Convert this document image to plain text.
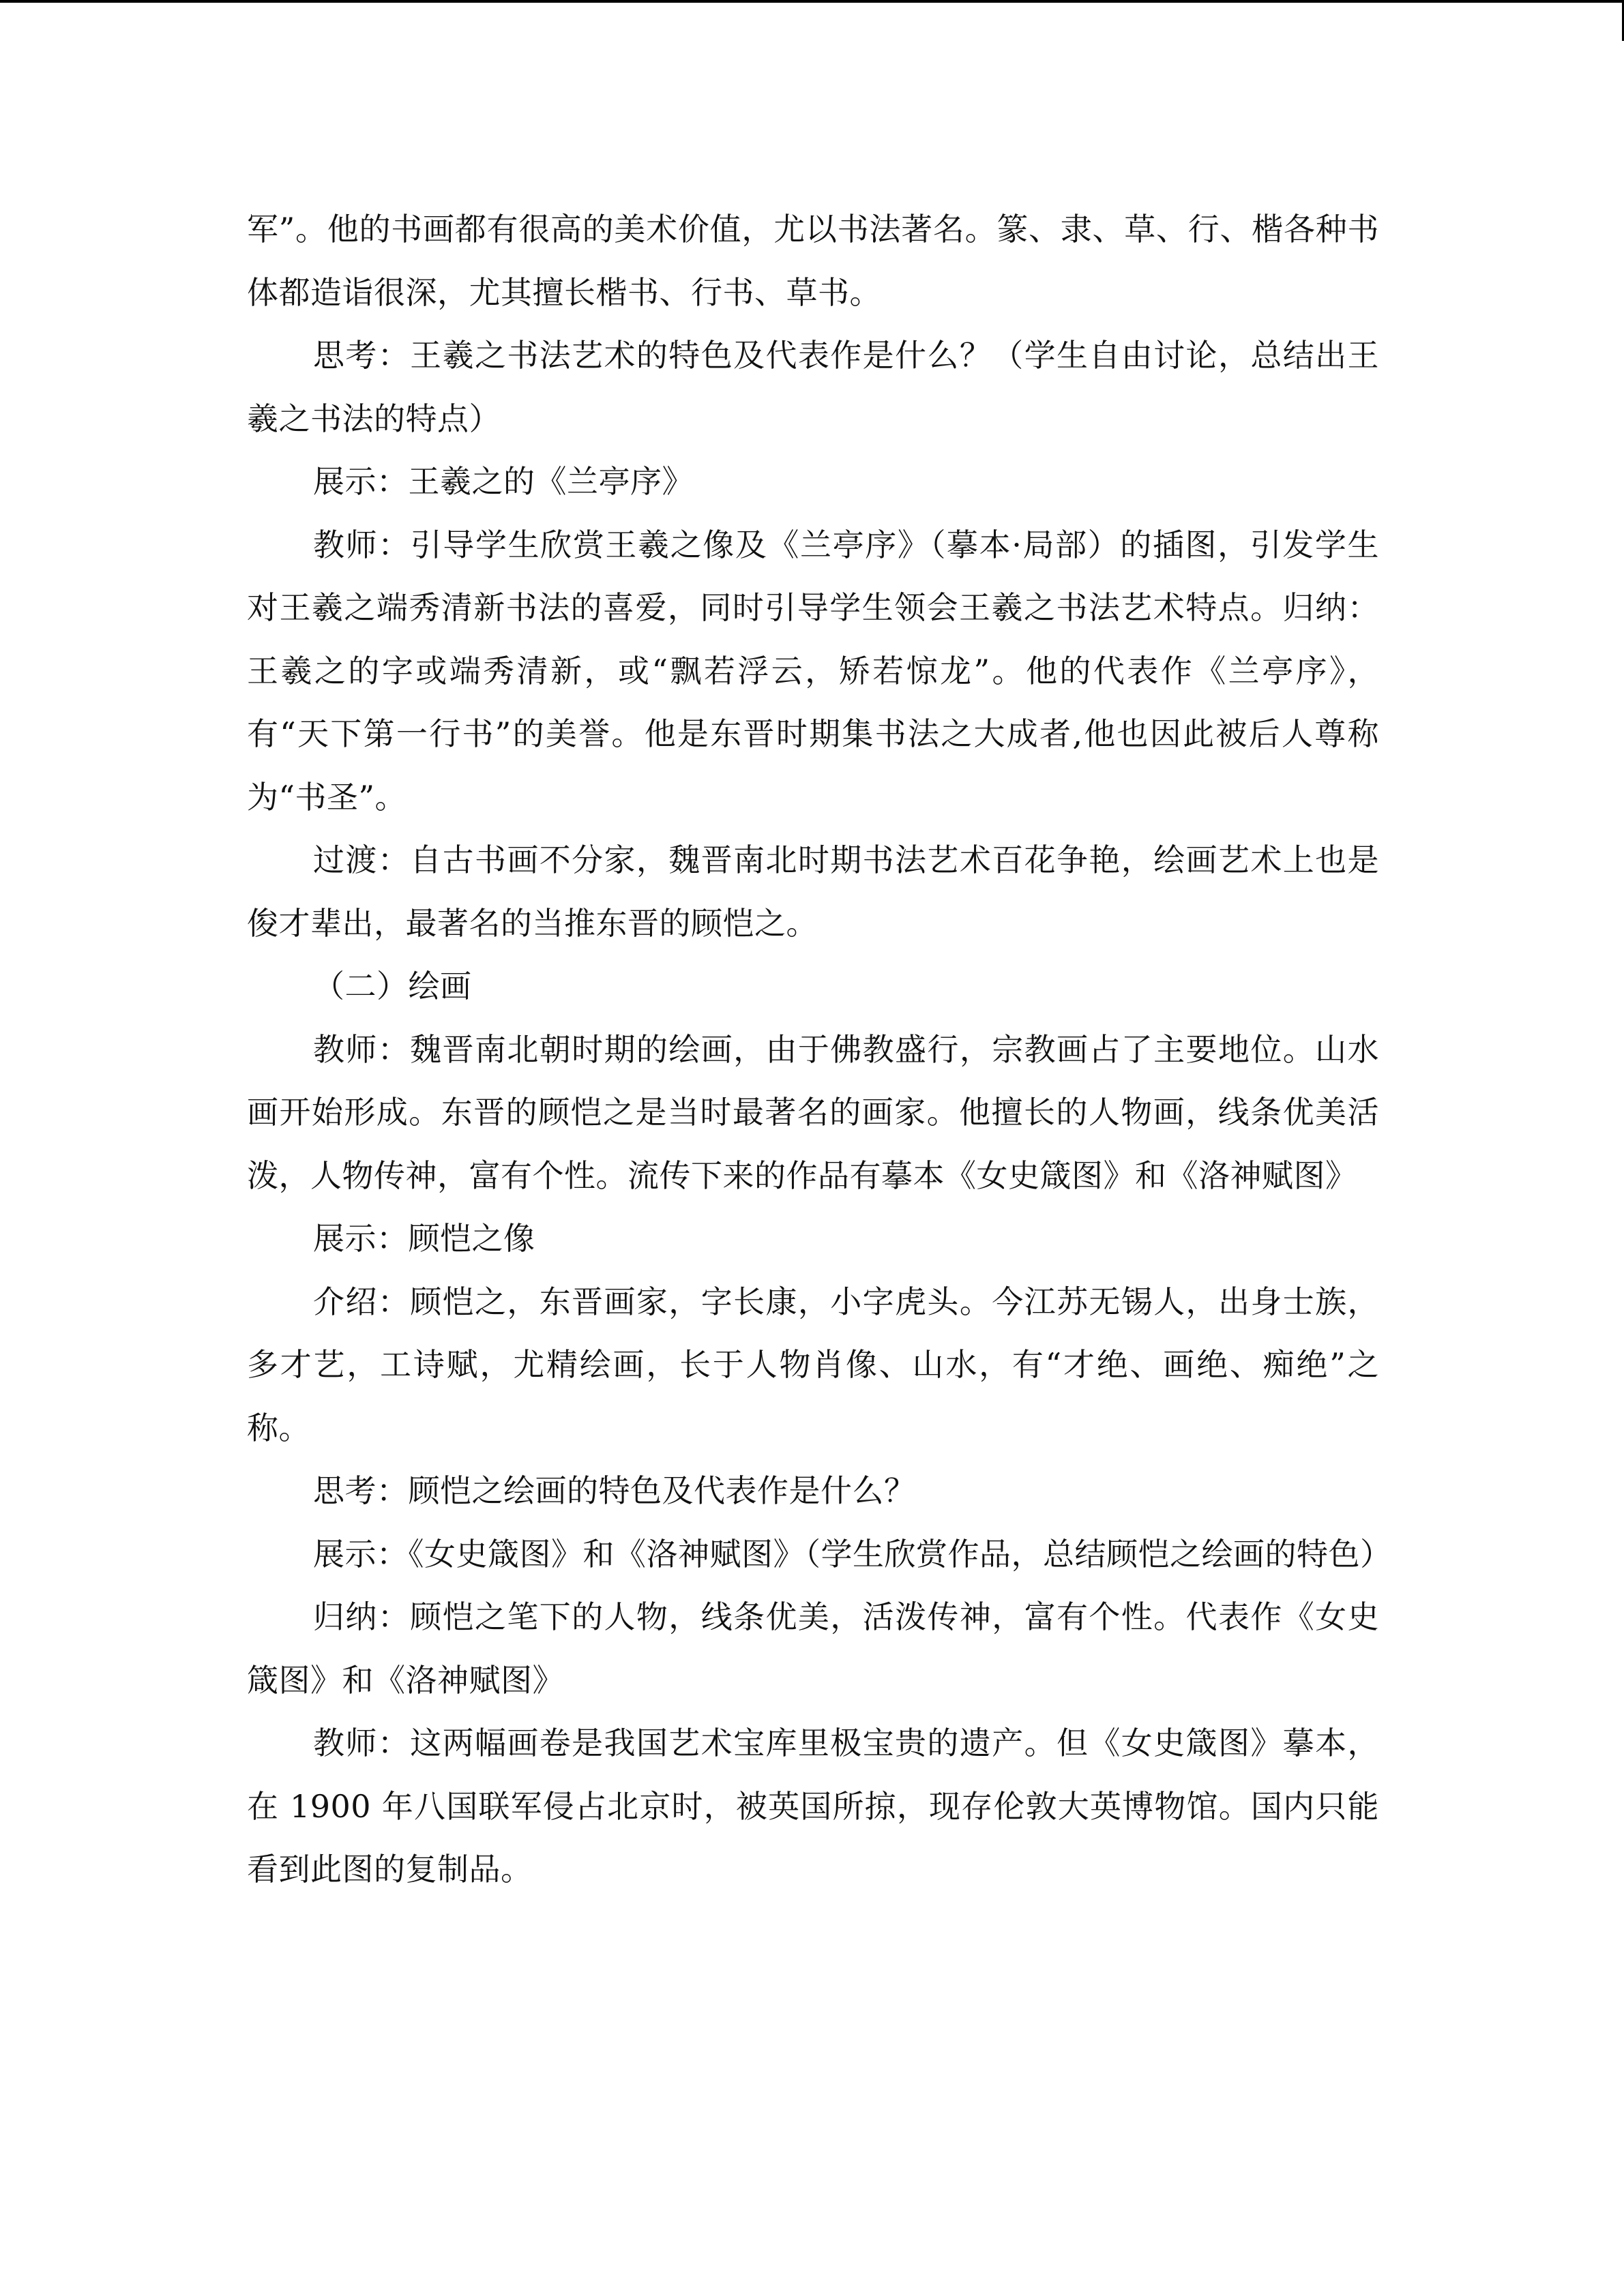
军”。他的书画都有很高的美术价值，尤以书法著名。篆、隶、草、行、楷各种书体都造诣很深，尤其擅长楷书、行书、草书。

思考：王羲之书法艺术的特色及代表作是什么？（学生自由讨论，总结出王羲之书法的特点）

展示：王羲之的《兰亭序》

教师：引导学生欣赏王羲之像及《兰亭序》（摹本·局部）的插图，引发学生对王羲之端秀清新书法的喜爱，同时引导学生领会王羲之书法艺术特点。归纳：王羲之的字或端秀清新，或“飘若浮云，矫若惊龙”。他的代表作《兰亭序》，有“天下第一行书”的美誉。他是东晋时期集书法之大成者,他也因此被后人尊称为“书圣”。

过渡：自古书画不分家，魏晋南北时期书法艺术百花争艳，绘画艺术上也是俊才辈出，最著名的当推东晋的顾恺之。

（二）绘画

教师：魏晋南北朝时期的绘画，由于佛教盛行，宗教画占了主要地位。山水画开始形成。东晋的顾恺之是当时最著名的画家。他擅长的人物画，线条优美活泼，人物传神，富有个性。流传下来的作品有摹本《女史箴图》和《洛神赋图》

展示：顾恺之像

介绍：顾恺之，东晋画家，字长康，小字虎头。今江苏无锡人，出身士族，多才艺，工诗赋，尤精绘画，长于人物肖像、山水，有“才绝、画绝、痴绝”之称。

思考：顾恺之绘画的特色及代表作是什么？

展示：《女史箴图》和《洛神赋图》（学生欣赏作品，总结顾恺之绘画的特色）

归纳：顾恺之笔下的人物，线条优美，活泼传神，富有个性。代表作《女史箴图》和《洛神赋图》

教师：这两幅画卷是我国艺术宝库里极宝贵的遗产。但《女史箴图》摹本，在 1900 年八国联军侵占北京时，被英国所掠，现存伦敦大英博物馆。国内只能看到此图的复制品。
